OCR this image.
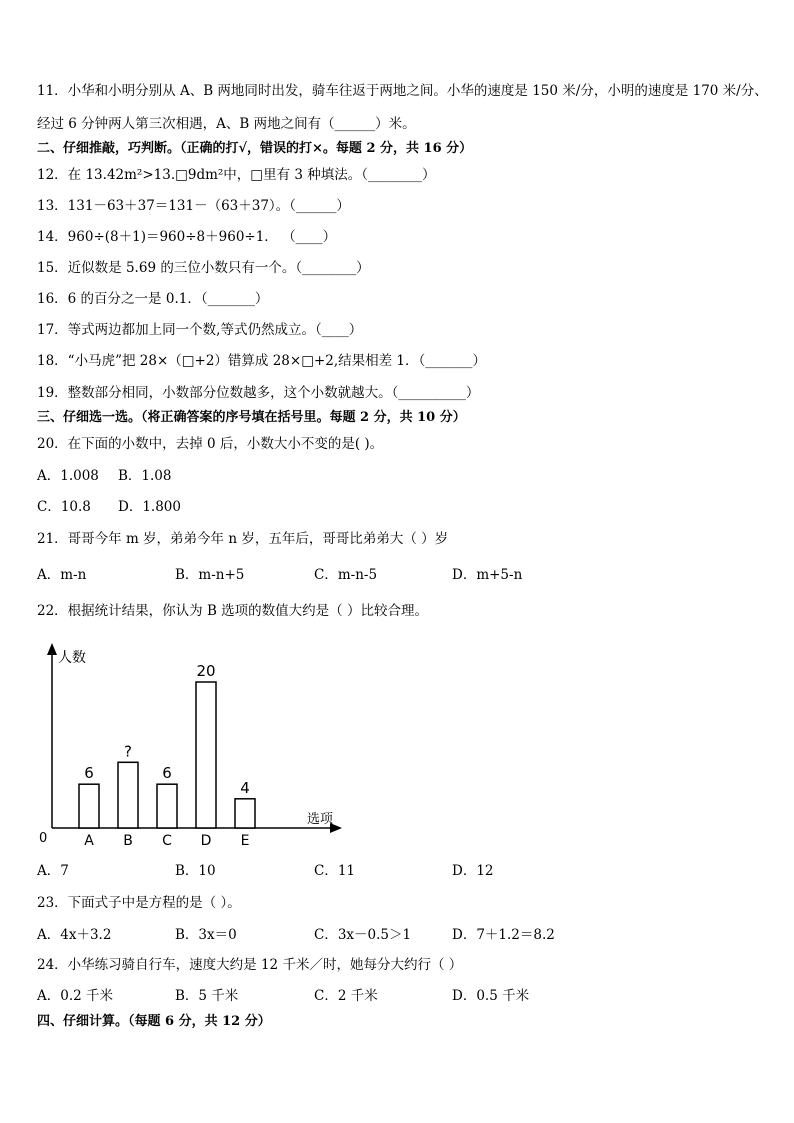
11．小华和小明分别从 A、B 两地同时出发，骑车往返于两地之间。小华的速度是 150 米/分，小明的速度是 170 米/分、
经过 6 分钟两人第三次相遇，A、B 两地之间有（______）米。
二、仔细推敲，巧判断。（正确的打√，错误的打×。每题 2 分，共 16 分）
12．在 13.42m²>13.□9dm²中，□里有 3 种填法。（________）
13．131－63＋37＝131－（63＋37）。（______）
14．960÷(8＋1)＝960÷8＋960÷1． （____）
15．近似数是 5.69 的三位小数只有一个。（________）
16．6 的百分之一是 0.1．（_______）
17．等式两边都加上同一个数,等式仍然成立。（____）
18．“小马虎”把 28×（□+2）错算成 28×□+2,结果相差 1．（_______）
19．整数部分相同，小数部分位数越多，这个小数就越大。（__________）
三、仔细选一选。（将正确答案的序号填在括号里。每题 2 分，共 10 分）
20．在下面的小数中，去掉 0 后，小数大小不变的是( )。
A．1.008 B．1.08
C．10.8 D．1.800
21．哥哥今年 m 岁，弟弟今年 n 岁，五年后，哥哥比弟弟大（ ）岁
A．m-n	B．m-n+5	C．m-n-5	D．m+5-n
22．根据统计结果，你认为 B 选项的数值大约是（ ）比较合理。
人数
选项
0
6
A
?
B
6
C
20
D
4
E
A．7	B．10	C．11	D．12
23．下面式子中是方程的是（ ）。
A．4x＋3.2	B．3x＝0	C．3x－0.5＞1	D．7＋1.2＝8.2
24．小华练习骑自行车，速度大约是 12 千米／时，她每分大约行（ ）
A．0.2 千米	B．5 千米	C．2 千米	D．0.5 千米
四、仔细计算。（每题 6 分，共 12 分）
